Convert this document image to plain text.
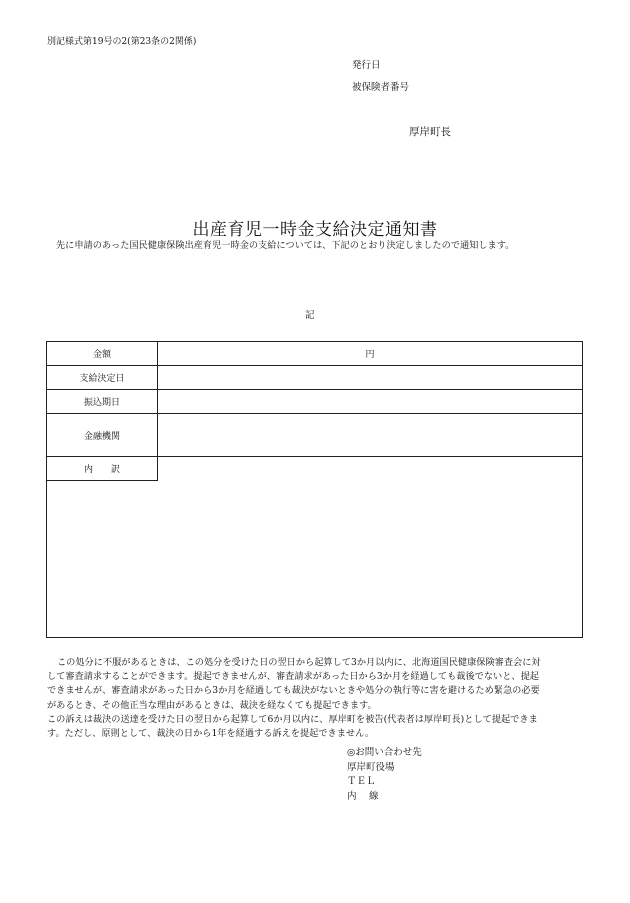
別記様式第19号の2(第23条の2関係)
発行日
被保険者番号
厚岸町長
出産育児一時金支給決定通知書
先に申請のあった国民健康保険出産育児一時金の支給については、下記のとおり決定しましたので通知します。
記
金額	円
支給決定日
振込期日
金融機関
内　　訳

この処分に不服があるときは、この処分を受けた日の翌日から起算して3か月以内に、北海道国民健康保険審査会に対して審査請求することができます。提起できませんが、審査請求があった日から3か月を経過しても裁後でないと、提起できませんが、審査請求があった日から3か月を経過しても裁決がないときや処分の執行等に害を避けるため緊急の必要があるとき、その他正当な理由があるときは、裁決を経なくても提起できます。

この訴えは裁決の送達を受けた日の翌日から起算して6か月以内に、厚岸町を被告(代表者は厚岸町長)として提起できます。ただし、原則として、裁決の日から1年を経過する訴えを提起できません。

◎お問い合わせ先
厚岸町役場
ＴＥＬ
内　 線
